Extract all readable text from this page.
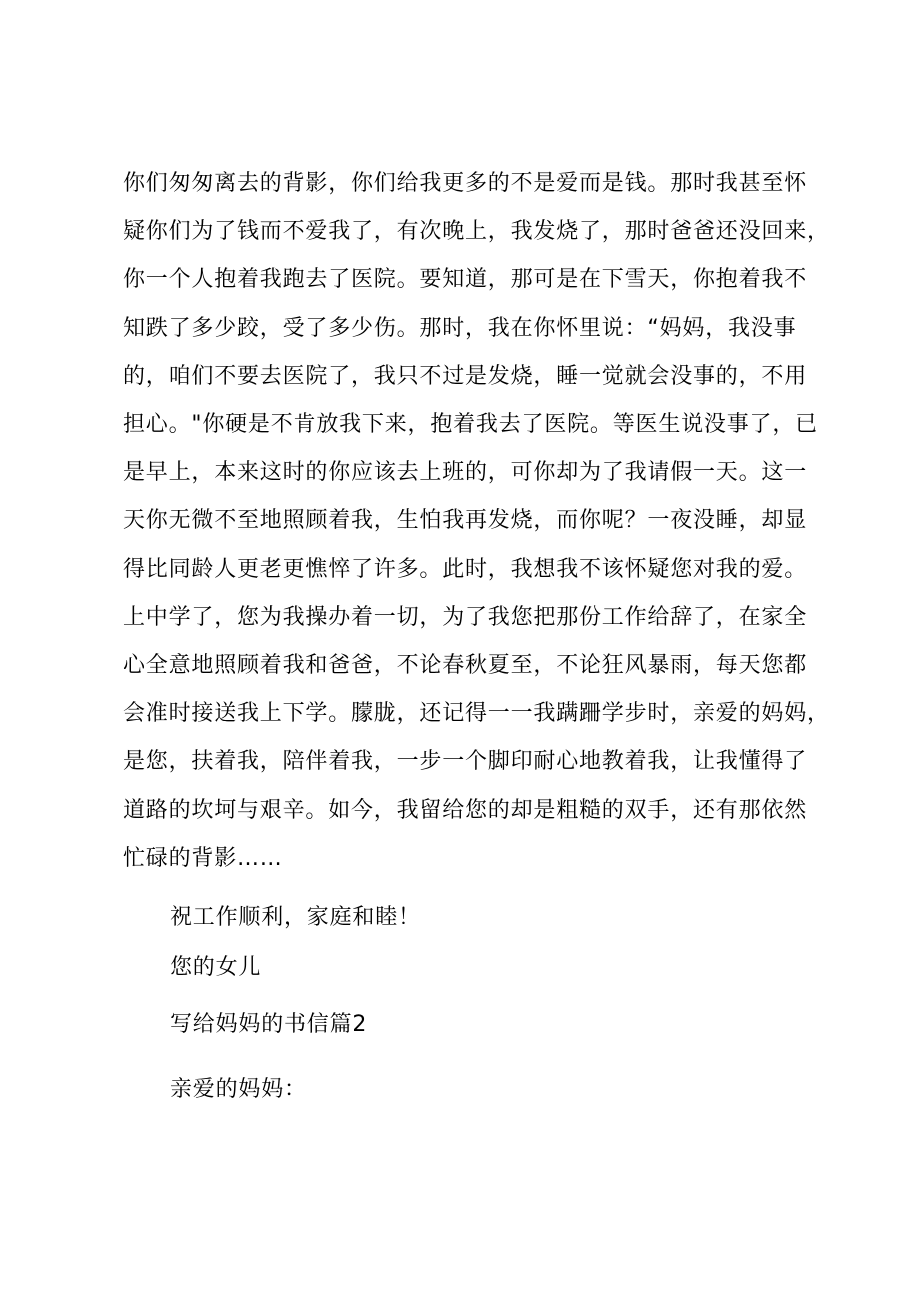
你们匆匆离去的背影，你们给我更多的不是爱而是钱。那时我甚至怀
疑你们为了钱而不爱我了，有次晚上，我发烧了，那时爸爸还没回来，
你一个人抱着我跑去了医院。要知道，那可是在下雪天，你抱着我不
知跌了多少跤，受了多少伤。那时，我在你怀里说：“妈妈，我没事
的，咱们不要去医院了，我只不过是发烧，睡一觉就会没事的，不用
担心。"你硬是不肯放我下来，抱着我去了医院。等医生说没事了，已
是早上，本来这时的你应该去上班的，可你却为了我请假一天。这一
天你无微不至地照顾着我，生怕我再发烧，而你呢？一夜没睡，却显
得比同龄人更老更憔悴了许多。此时，我想我不该怀疑您对我的爱。
上中学了，您为我操办着一切，为了我您把那份工作给辞了，在家全
心全意地照顾着我和爸爸，不论春秋夏至，不论狂风暴雨，每天您都
会准时接送我上下学。朦胧，还记得一一我蹒跚学步时，亲爱的妈妈，
是您，扶着我，陪伴着我，一步一个脚印耐心地教着我，让我懂得了
道路的坎坷与艰辛。如今，我留给您的却是粗糙的双手，还有那依然
忙碌的背影……

祝工作顺利，家庭和睦！

您的女儿

写给妈妈的书信篇2

亲爱的妈妈：
